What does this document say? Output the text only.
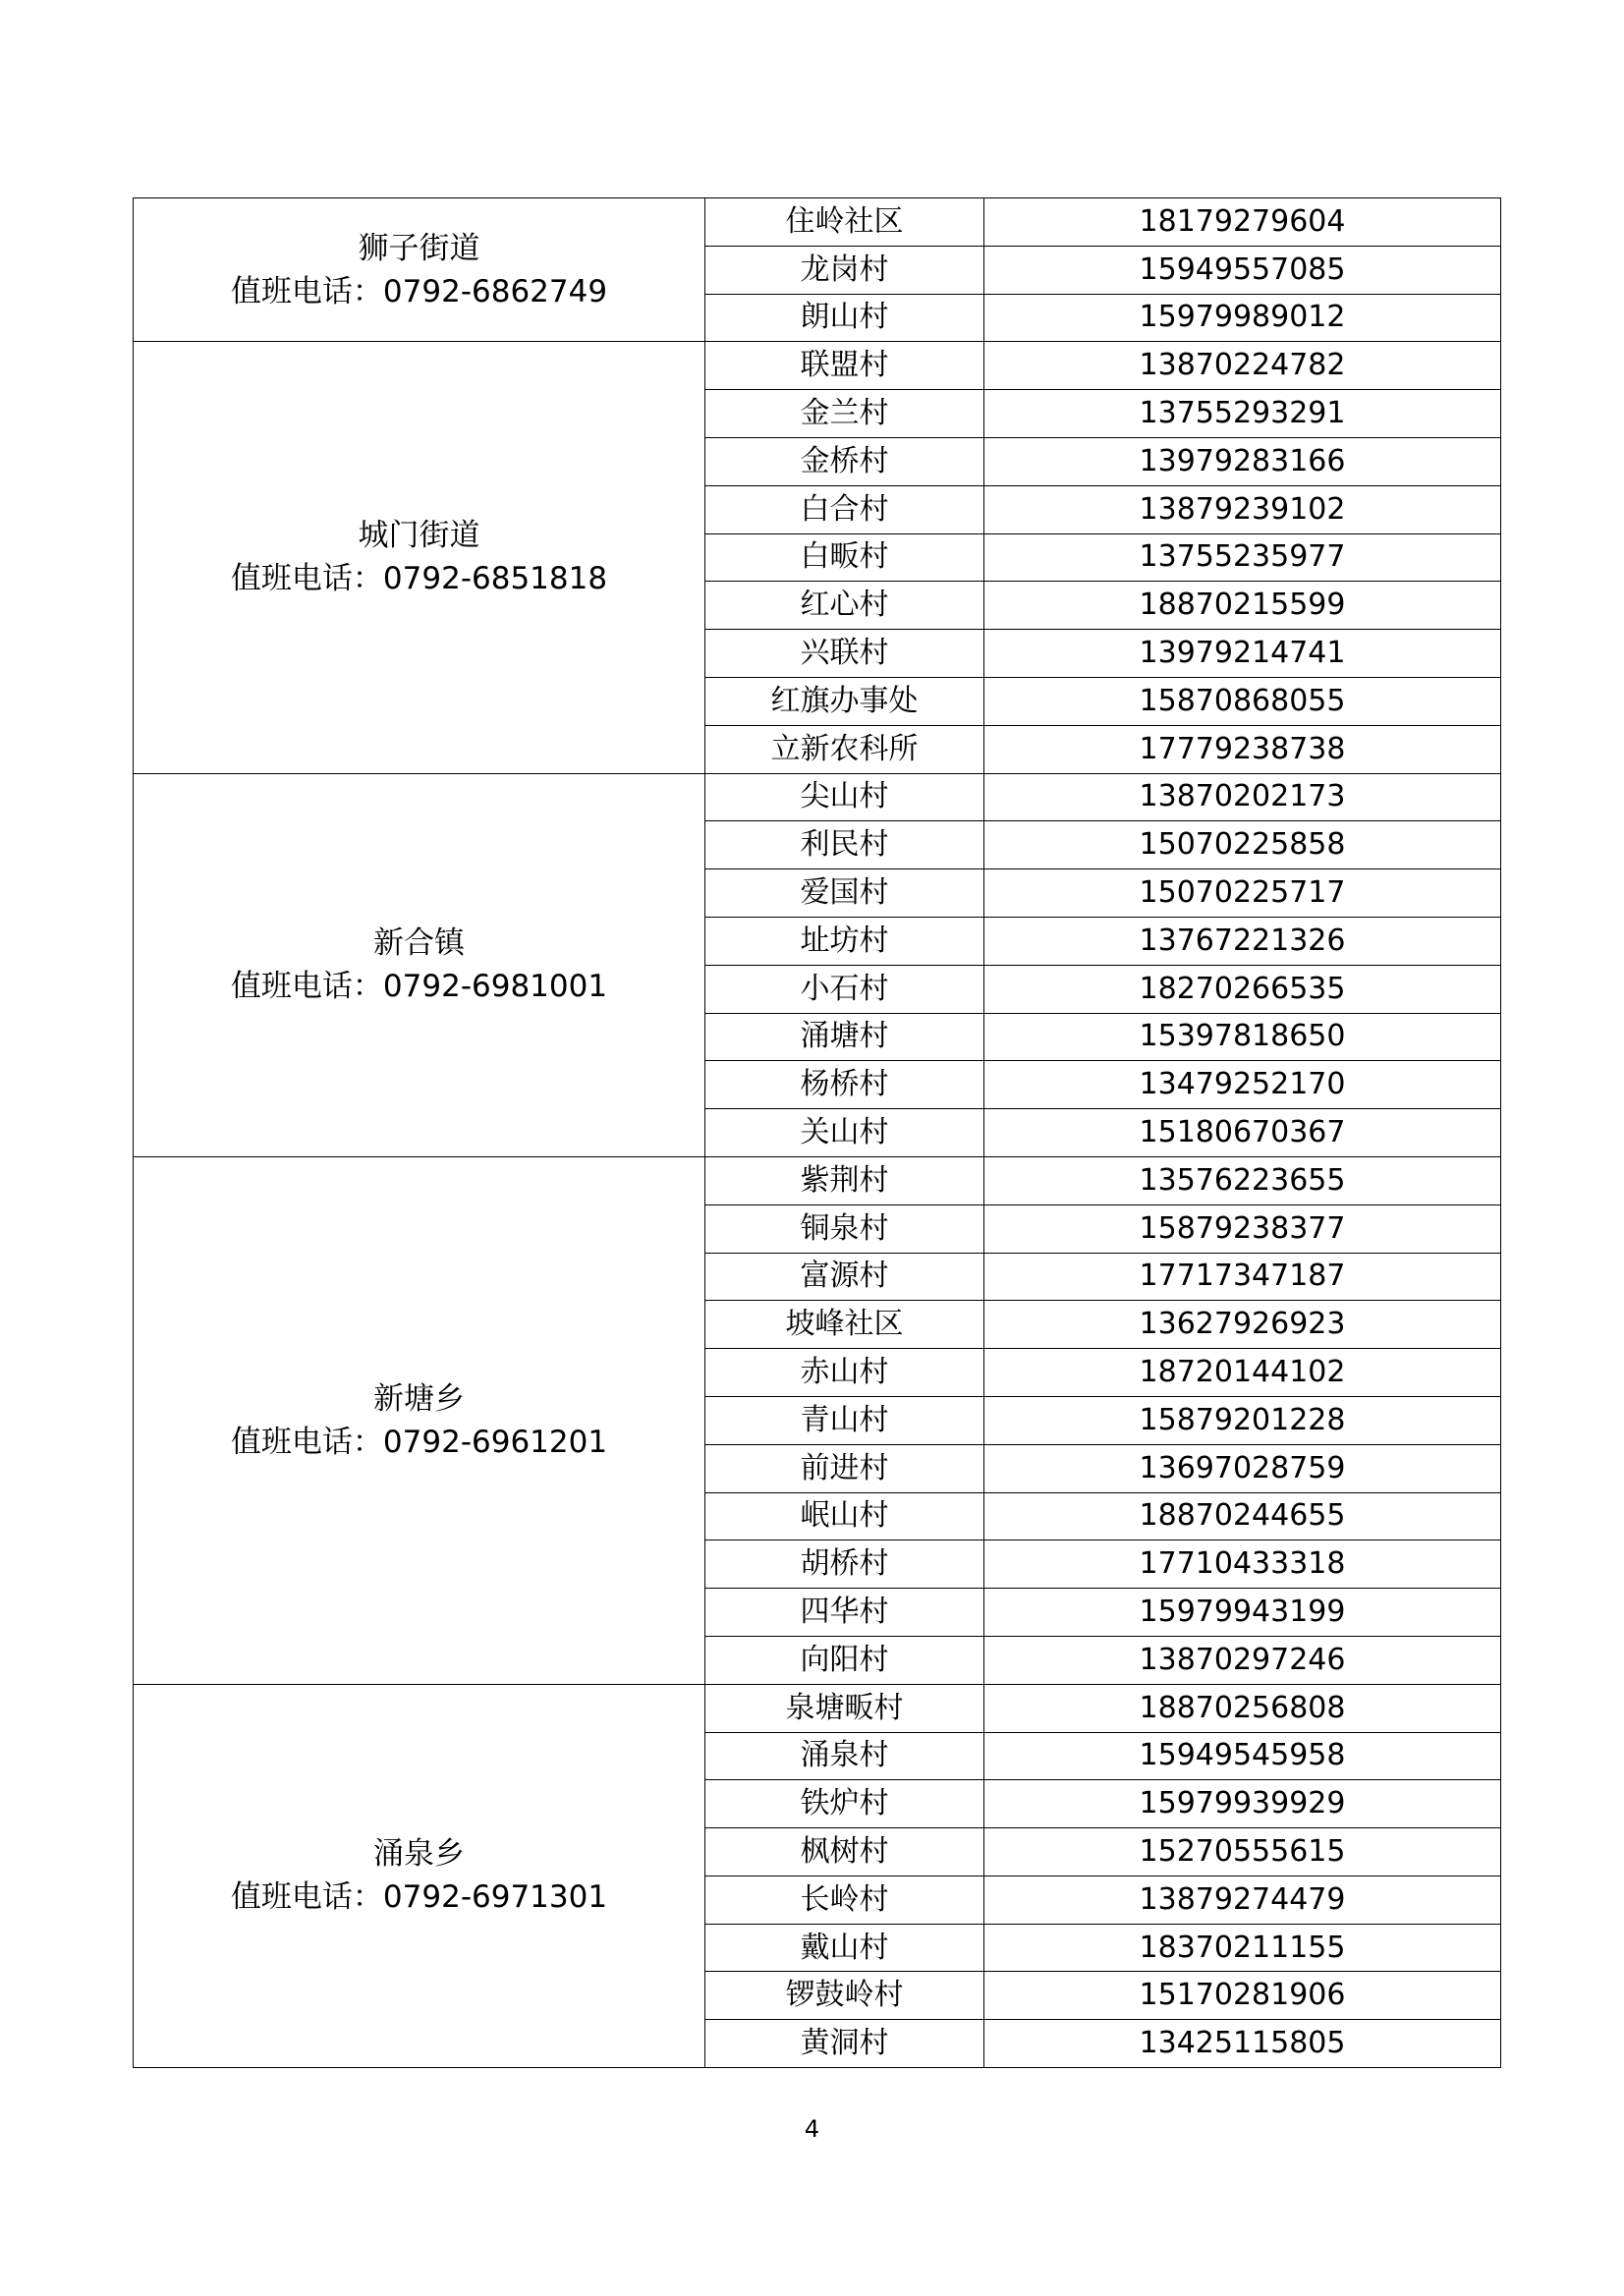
狮子街道
值班电话：0792-6862749	住岭社区	18179279604
	龙岗村	15949557085
	朗山村	15979989012

城门街道
值班电话：0792-6851818	联盟村	13870224782
	金兰村	13755293291
	金桥村	13979283166
	白合村	13879239102
	白畈村	13755235977
	红心村	18870215599
	兴联村	13979214741
	红旗办事处	15870868055
	立新农科所	17779238738

新合镇
值班电话：0792-6981001	尖山村	13870202173
	利民村	15070225858
	爱国村	15070225717
	址坊村	13767221326
	小石村	18270266535
	涌塘村	15397818650
	杨桥村	13479252170
	关山村	15180670367

新塘乡
值班电话：0792-6961201	紫荆村	13576223655
	铜泉村	15879238377
	富源村	17717347187
	坡峰社区	13627926923
	赤山村	18720144102
	青山村	15879201228
	前进村	13697028759
	岷山村	18870244655
	胡桥村	17710433318
	四华村	15979943199
	向阳村	13870297246

涌泉乡
值班电话：0792-6971301	泉塘畈村	18870256808
	涌泉村	15949545958
	铁炉村	15979939929
	枫树村	15270555615
	长岭村	13879274479
	戴山村	18370211155
	锣鼓岭村	15170281906
	黄洞村	13425115805
4
